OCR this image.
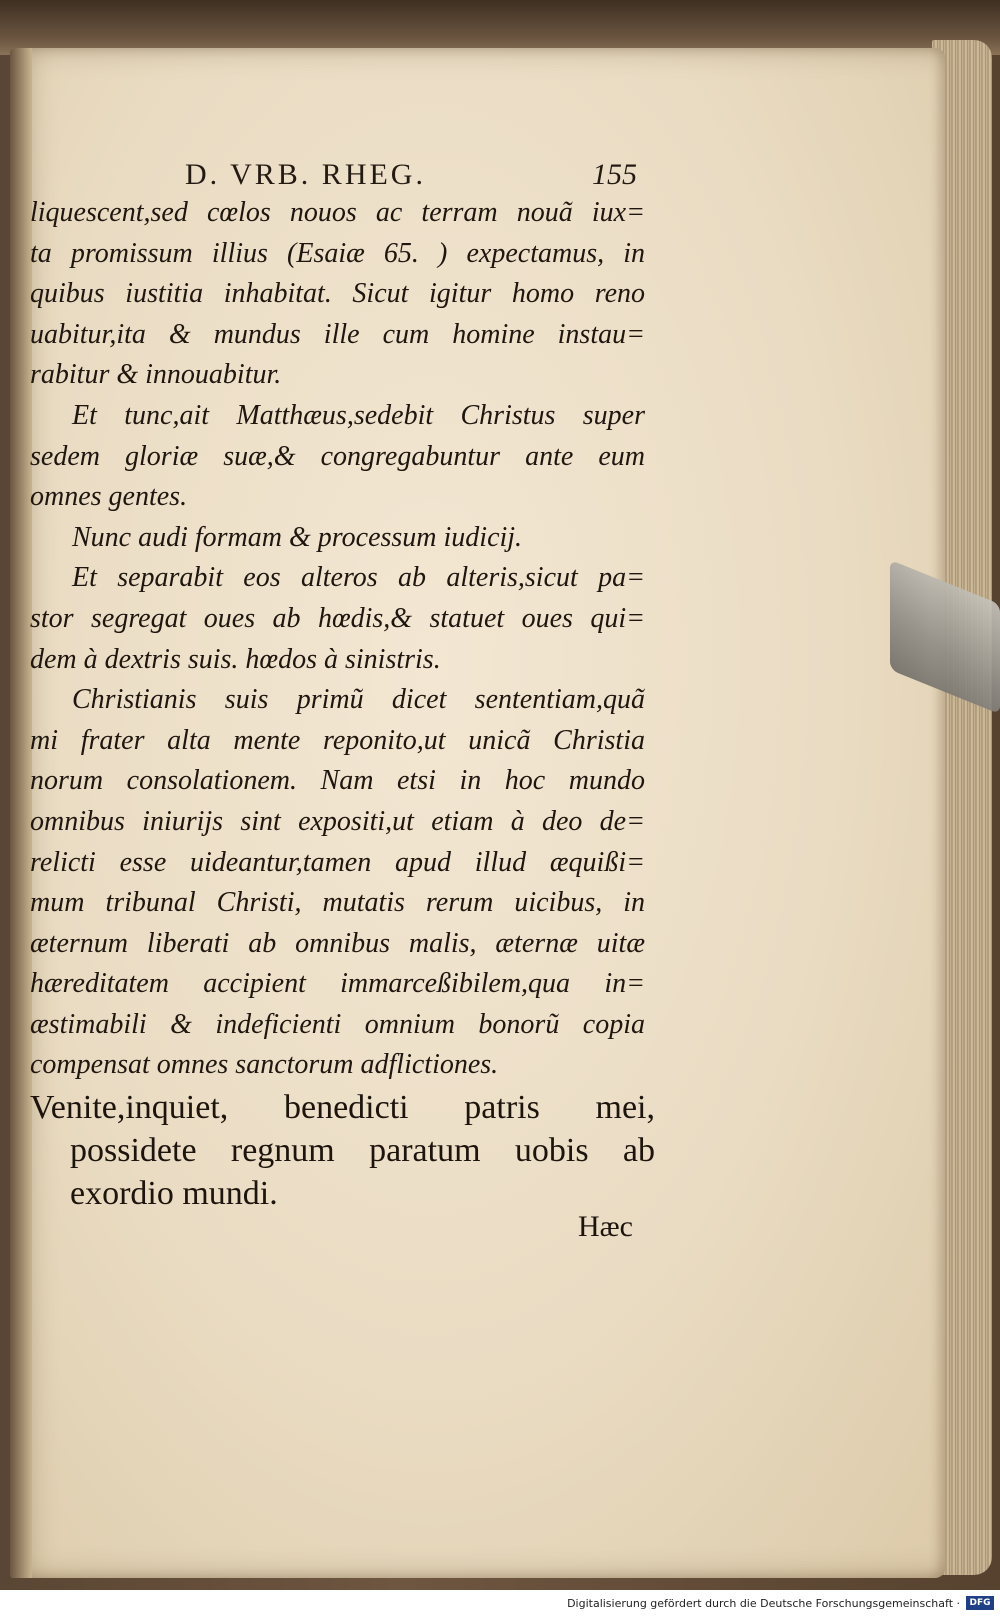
D. VRB. RHEG.	155
liquescent,sed cœlos nouos ac terram nouã iux=
ta promissum illius (Esaiæ 65. ) expectamus, in
quibus iustitia inhabitat. Sicut igitur homo reno
uabitur,ita & mundus ille cum homine instau=
rabitur & innouabitur.
Et tunc,ait Matthæus,sedebit Christus super
sedem gloriæ suæ,& congregabuntur ante eum
omnes gentes.
Nunc audi formam & processum iudicij.
Et separabit eos alteros ab alteris,sicut pa=
stor segregat oues ab hœdis,& statuet oues qui=
dem à dextris suis. hœdos à sinistris.
Christianis suis primũ dicet sententiam,quã
mi frater alta mente reponito,ut unicã Christia
norum consolationem. Nam etsi in hoc mundo
omnibus iniurijs sint expositi,ut etiam à deo de=
relicti esse uideantur,tamen apud illud æquißi=
mum tribunal Christi, mutatis rerum uicibus, in
æternum liberati ab omnibus malis, æternæ uitæ
hæreditatem accipient immarceßibilem,qua in=
æstimabili & indeficienti omnium bonorũ copia
compensat omnes sanctorum adflictiones.
Venite,inquiet, benedicti patris mei,
possidete regnum paratum uobis ab
exordio mundi.
Hæc
Digitalisierung gefördert durch die Deutsche Forschungsgemeinschaft ·	DFG
